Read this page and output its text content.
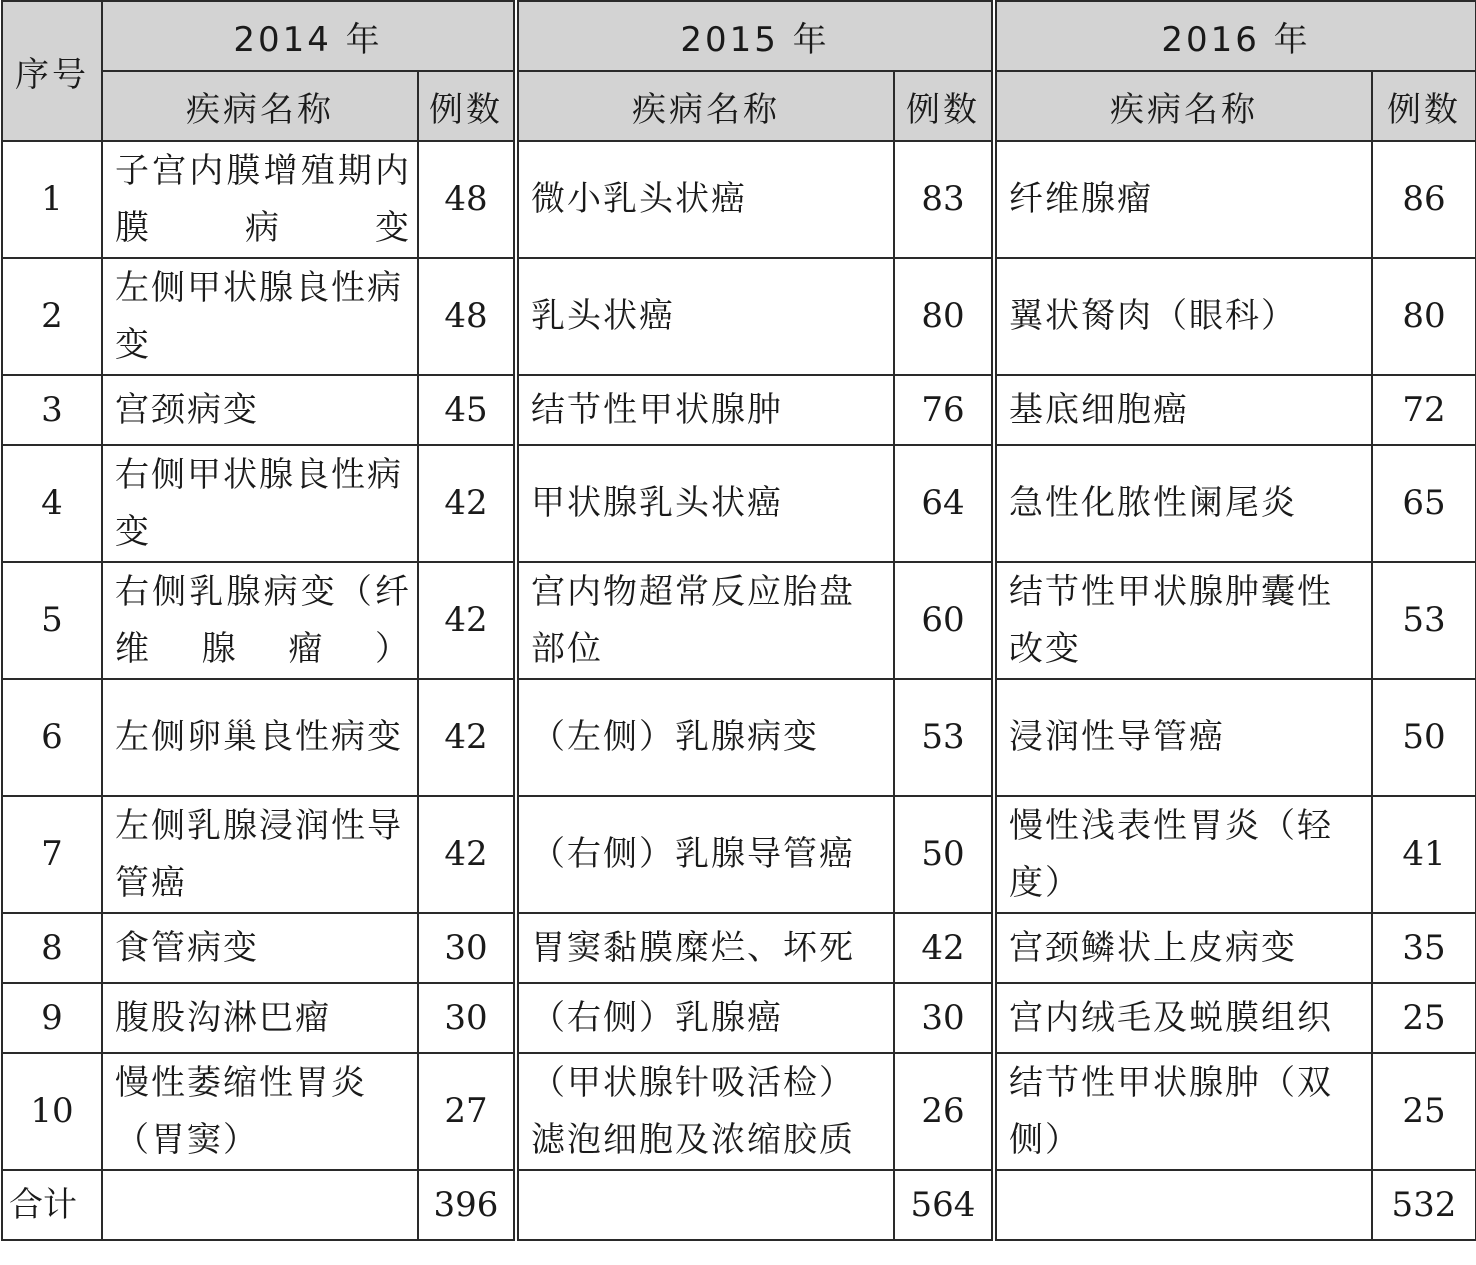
序号	2014 年		2015 年		2016 年	
	疾病名称	例数	疾病名称	例数	疾病名称	例数
1	子宫内膜增殖期内膜病变	48	微小乳头状癌	83	纤维腺瘤	86
2	左侧甲状腺良性病变	48	乳头状癌	80	翼状胬肉（眼科）	80
3	宫颈病变	45	结节性甲状腺肿	76	基底细胞癌	72
4	右侧甲状腺良性病变	42	甲状腺乳头状癌	64	急性化脓性阑尾炎	65
5	右侧乳腺病变（纤维腺瘤）	42	宫内物超常反应胎盘部位	60	结节性甲状腺肿囊性改变	53
6	左侧卵巢良性病变	42	（左侧）乳腺病变	53	浸润性导管癌	50
7	左侧乳腺浸润性导管癌	42	（右侧）乳腺导管癌	50	慢性浅表性胃炎（轻度）	41
8	食管病变	30	胃窦黏膜糜烂、坏死	42	宫颈鳞状上皮病变	35
9	腹股沟淋巴瘤	30	（右侧）乳腺癌	30	宫内绒毛及蜕膜组织	25
10	慢性萎缩性胃炎（胃窦）	27	（甲状腺针吸活检）滤泡细胞及浓缩胶质	26	结节性甲状腺肿（双侧）	25
合计		396		564		532
